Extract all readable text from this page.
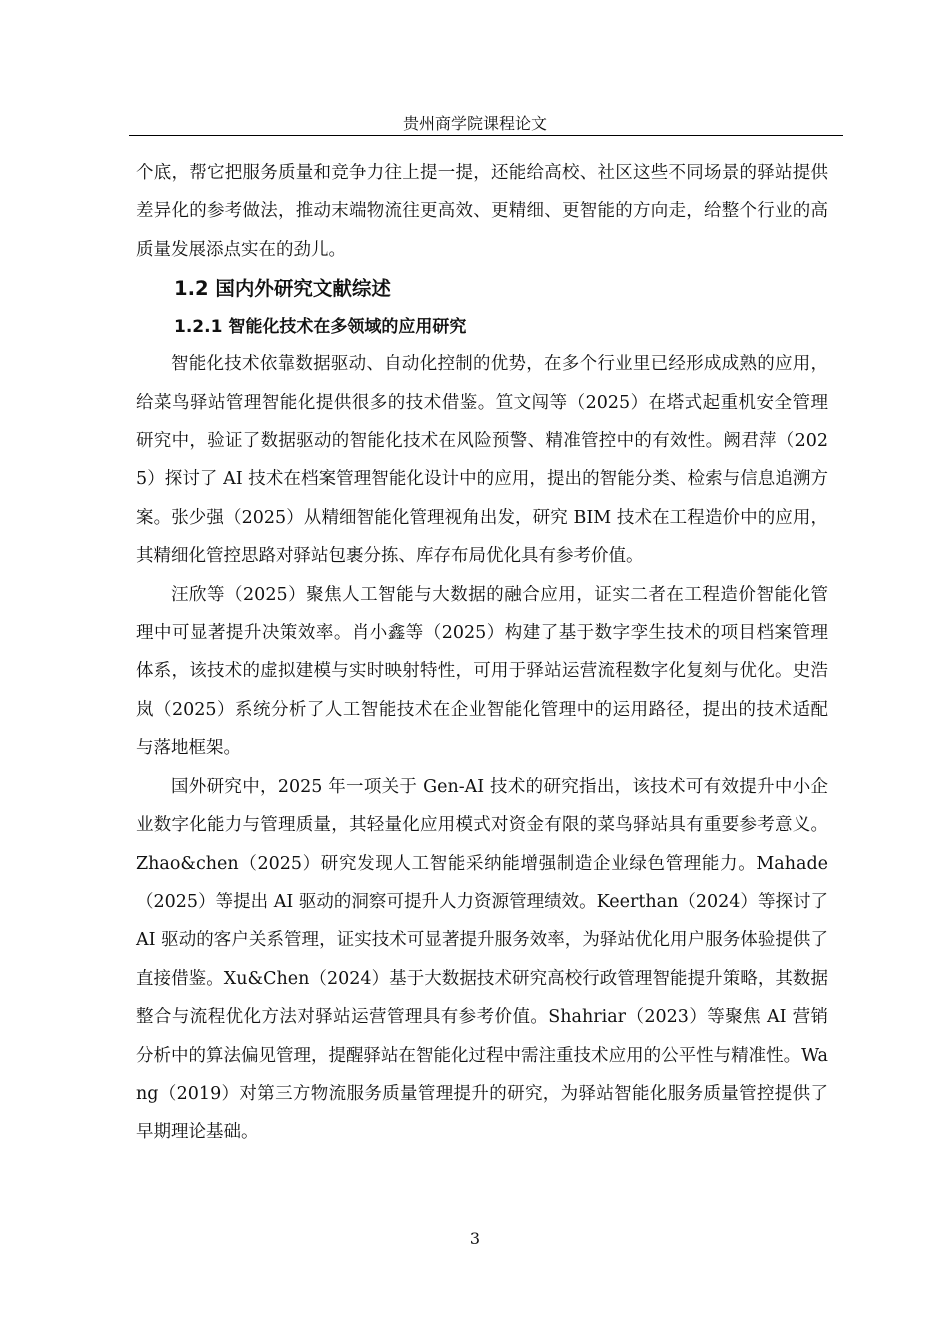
贵州商学院课程论文

个底，帮它把服务质量和竞争力往上提一提，还能给高校、社区这些不同场景的驿站提供差异化的参考做法，推动末端物流往更高效、更精细、更智能的方向走，给整个行业的高质量发展添点实在的劲儿。

1.2 国内外研究文献综述
1.2.1 智能化技术在多领域的应用研究

智能化技术依靠数据驱动、自动化控制的优势，在多个行业里已经形成成熟的应用，给菜鸟驿站管理智能化提供很多的技术借鉴。笪文闯等（2025）在塔式起重机安全管理研究中，验证了数据驱动的智能化技术在风险预警、精准管控中的有效性。阙君萍（2025）探讨了 AI 技术在档案管理智能化设计中的应用，提出的智能分类、检索与信息追溯方案。张少强（2025）从精细智能化管理视角出发，研究 BIM 技术在工程造价中的应用，其精细化管控思路对驿站包裹分拣、库存布局优化具有参考价值。

汪欣等（2025）聚焦人工智能与大数据的融合应用，证实二者在工程造价智能化管理中可显著提升决策效率。肖小鑫等（2025）构建了基于数字孪生技术的项目档案管理体系，该技术的虚拟建模与实时映射特性，可用于驿站运营流程数字化复刻与优化。史浩岚（2025）系统分析了人工智能技术在企业智能化管理中的运用路径，提出的技术适配与落地框架。

国外研究中，2025 年一项关于 Gen-AI 技术的研究指出，该技术可有效提升中小企业数字化能力与管理质量，其轻量化应用模式对资金有限的菜鸟驿站具有重要参考意义。Zhao&chen（2025）研究发现人工智能采纳能增强制造企业绿色管理能力。Mahade（2025）等提出 AI 驱动的洞察可提升人力资源管理绩效。Keerthan（2024）等探讨了 AI 驱动的客户关系管理，证实技术可显著提升服务效率，为驿站优化用户服务体验提供了直接借鉴。Xu&Chen（2024）基于大数据技术研究高校行政管理智能提升策略，其数据整合与流程优化方法对驿站运营管理具有参考价值。Shahriar（2023）等聚焦 AI 营销分析中的算法偏见管理，提醒驿站在智能化过程中需注重技术应用的公平性与精准性。Wang（2019）对第三方物流服务质量管理提升的研究，为驿站智能化服务质量管控提供了早期理论基础。

3
